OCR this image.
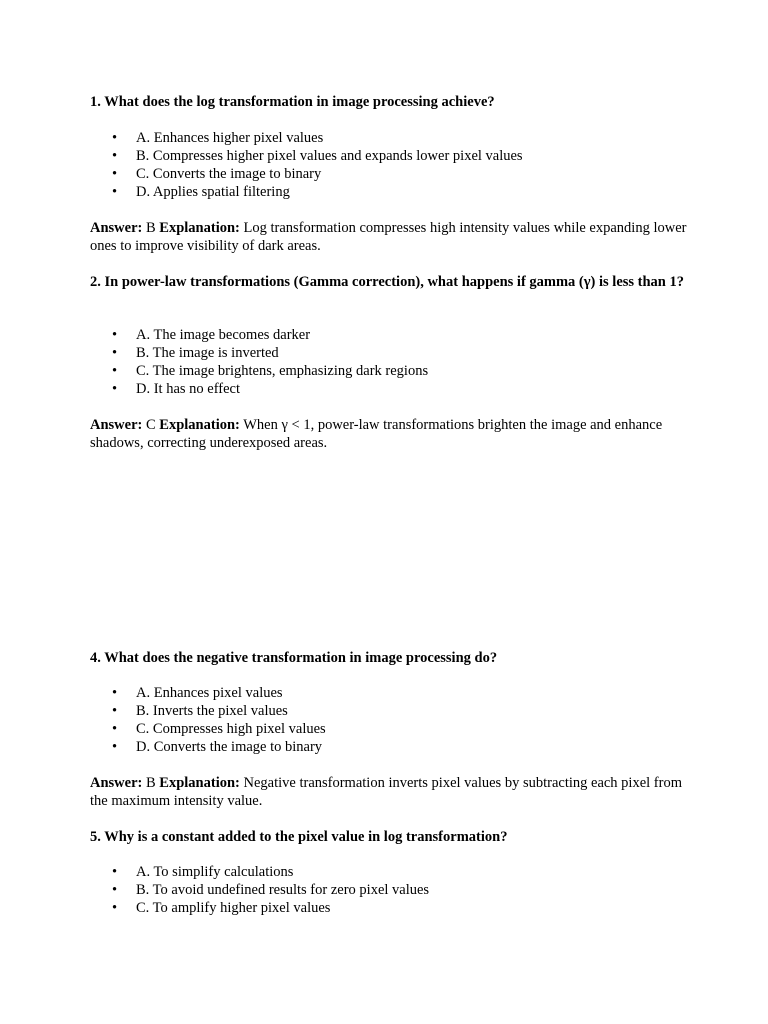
1. What does the log transformation in image processing achieve?

• A. Enhances higher pixel values
• B. Compresses higher pixel values and expands lower pixel values
• C. Converts the image to binary
• D. Applies spatial filtering

Answer: B Explanation: Log transformation compresses high intensity values while expanding lower ones to improve visibility of dark areas.

2. In power-law transformations (Gamma correction), what happens if gamma (γ) is less than 1?

• A. The image becomes darker
• B. The image is inverted
• C. The image brightens, emphasizing dark regions
• D. It has no effect

Answer: C Explanation: When γ < 1, power-law transformations brighten the image and enhance shadows, correcting underexposed areas.

4. What does the negative transformation in image processing do?

• A. Enhances pixel values
• B. Inverts the pixel values
• C. Compresses high pixel values
• D. Converts the image to binary

Answer: B Explanation: Negative transformation inverts pixel values by subtracting each pixel from the maximum intensity value.

5. Why is a constant added to the pixel value in log transformation?

• A. To simplify calculations
• B. To avoid undefined results for zero pixel values
• C. To amplify higher pixel values
